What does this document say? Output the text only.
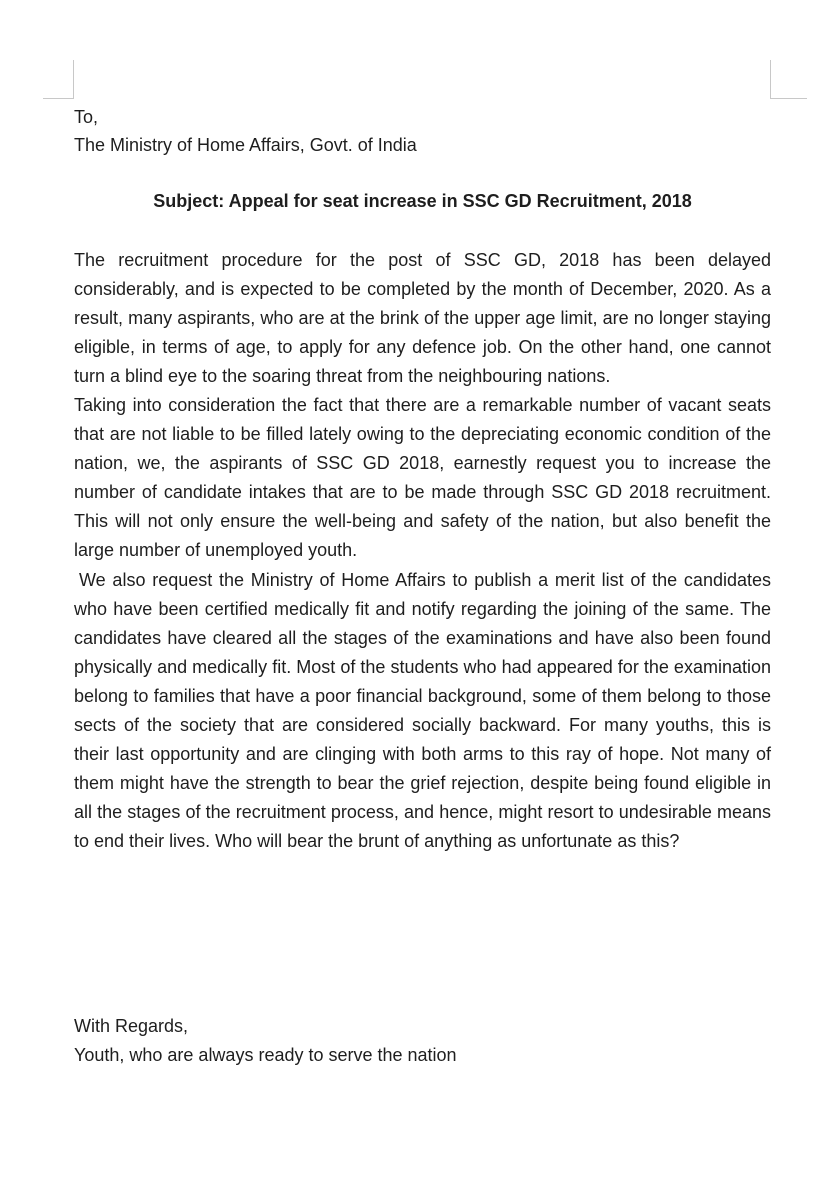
To,
The Ministry of Home Affairs, Govt. of India
Subject: Appeal for seat increase in SSC GD Recruitment, 2018

The recruitment procedure for the post of SSC GD, 2018 has been delayed considerably, and is expected to be completed by the month of December, 2020. As a result, many aspirants, who are at the brink of the upper age limit, are no longer staying eligible, in terms of age, to apply for any defence job. On the other hand, one cannot turn a blind eye to the soaring threat from the neighbouring nations.

Taking into consideration the fact that there are a remarkable number of vacant seats that are not liable to be filled lately owing to the depreciating economic condition of the nation, we, the aspirants of SSC GD 2018, earnestly request you to increase the number of candidate intakes that are to be made through SSC GD 2018 recruitment. This will not only ensure the well-being and safety of the nation, but also benefit the large number of unemployed youth.

We also request the Ministry of Home Affairs to publish a merit list of the candidates who have been certified medically fit and notify regarding the joining of the same. The candidates have cleared all the stages of the examinations and have also been found physically and medically fit. Most of the students who had appeared for the examination belong to families that have a poor financial background, some of them belong to those sects of the society that are considered socially backward. For many youths, this is their last opportunity and are clinging with both arms to this ray of hope. Not many of them might have the strength to bear the grief rejection, despite being found eligible in all the stages of the recruitment process, and hence, might resort to undesirable means to end their lives. Who will bear the brunt of anything as unfortunate as this?

With Regards,
Youth, who are always ready to serve the nation
